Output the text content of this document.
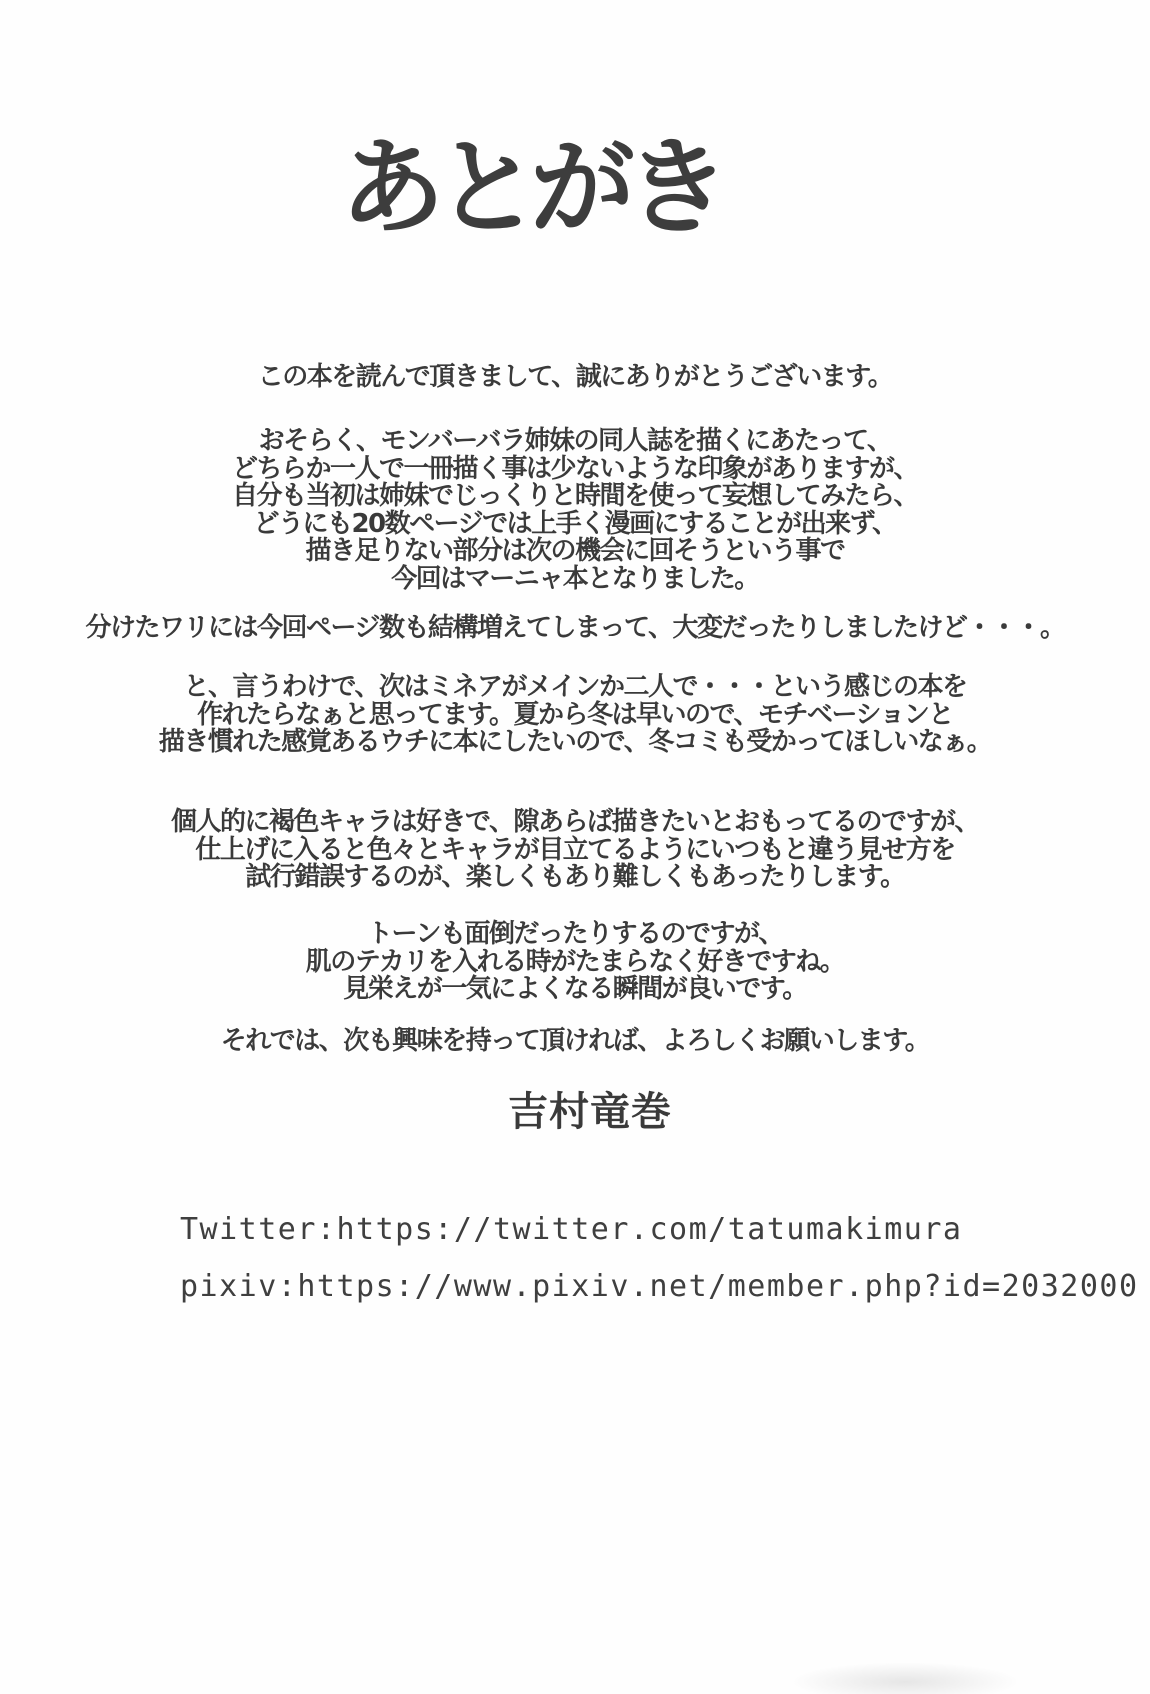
あとがき
この本を読んで頂きまして、誠にありがとうございます。
おそらく、モンバーバラ姉妹の同人誌を描くにあたって、
どちらか一人で一冊描く事は少ないような印象がありますが、
自分も当初は姉妹でじっくりと時間を使って妄想してみたら、
どうにも20数ページでは上手く漫画にすることが出来ず、
描き足りない部分は次の機会に回そうという事で
今回はマーニャ本となりました。
分けたワリには今回ページ数も結構増えてしまって、大変だったりしましたけど・・・。
と、言うわけで、次はミネアがメインか二人で・・・という感じの本を
作れたらなぁと思ってます。夏から冬は早いので、モチベーションと
描き慣れた感覚あるウチに本にしたいので、冬コミも受かってほしいなぁ。
個人的に褐色キャラは好きで、隙あらば描きたいとおもってるのですが、
仕上げに入ると色々とキャラが目立てるようにいつもと違う見せ方を
試行錯誤するのが、楽しくもあり難しくもあったりします。
トーンも面倒だったりするのですが、
肌のテカリを入れる時がたまらなく好きですね。
見栄えが一気によくなる瞬間が良いです。
それでは、次も興味を持って頂ければ、よろしくお願いします。
吉村竜巻
Twitter:https://twitter.com/tatumakimura
pixiv:https://www.pixiv.net/member.php?id=2032000
